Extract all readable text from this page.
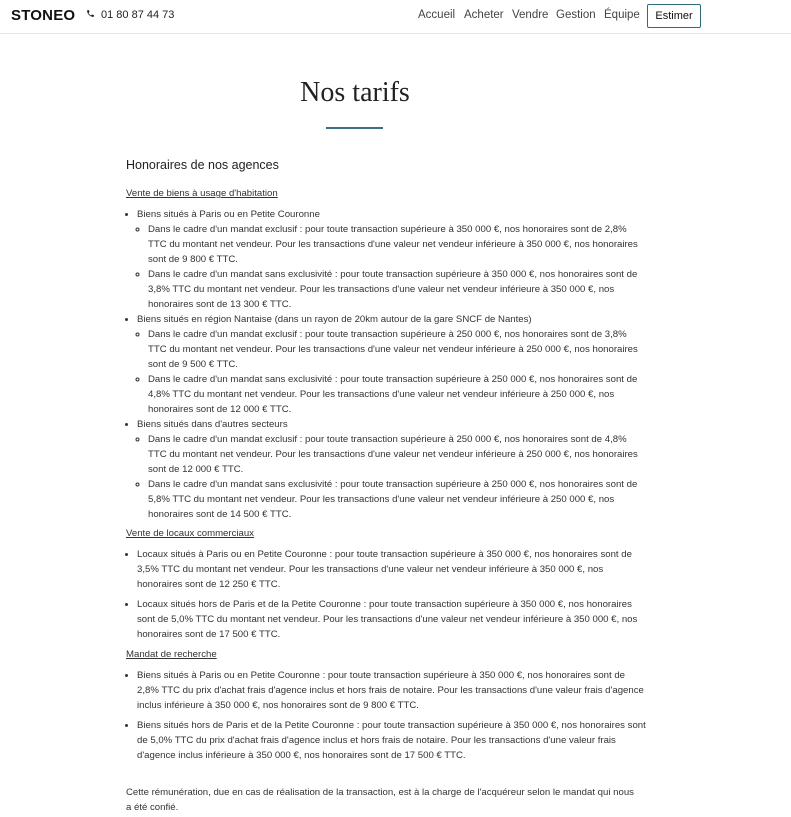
STONEO 01 80 87 44 73	Accueil Acheter Vendre Gestion Équipe	Estimer
Nos tarifs
Honoraires de nos agences
Vente de biens à usage d'habitation
• Biens situés à Paris ou en Petite Couronne
◦ Dans le cadre d'un mandat exclusif : pour toute transaction supérieure à 350 000 €, nos honoraires sont de 2,8% TTC du montant net vendeur. Pour les transactions d'une valeur net vendeur inférieure à 350 000 €, nos honoraires sont de 9 800 € TTC.
◦ Dans le cadre d'un mandat sans exclusivité : pour toute transaction supérieure à 350 000 €, nos honoraires sont de 3,8% TTC du montant net vendeur. Pour les transactions d'une valeur net vendeur inférieure à 350 000 €, nos honoraires sont de 13 300 € TTC.
• Biens situés en région Nantaise (dans un rayon de 20km autour de la gare SNCF de Nantes)
◦ Dans le cadre d'un mandat exclusif : pour toute transaction supérieure à 250 000 €, nos honoraires sont de 3,8% TTC du montant net vendeur. Pour les transactions d'une valeur net vendeur inférieure à 250 000 €, nos honoraires sont de 9 500 € TTC.
◦ Dans le cadre d'un mandat sans exclusivité : pour toute transaction supérieure à 250 000 €, nos honoraires sont de 4,8% TTC du montant net vendeur. Pour les transactions d'une valeur net vendeur inférieure à 250 000 €, nos honoraires sont de 12 000 € TTC.
• Biens situés dans d'autres secteurs
◦ Dans le cadre d'un mandat exclusif : pour toute transaction supérieure à 250 000 €, nos honoraires sont de 4,8% TTC du montant net vendeur. Pour les transactions d'une valeur net vendeur inférieure à 250 000 €, nos honoraires sont de 12 000 € TTC.
◦ Dans le cadre d'un mandat sans exclusivité : pour toute transaction supérieure à 250 000 €, nos honoraires sont de 5,8% TTC du montant net vendeur. Pour les transactions d'une valeur net vendeur inférieure à 250 000 €, nos honoraires sont de 14 500 € TTC.
Vente de locaux commerciaux
• Locaux situés à Paris ou en Petite Couronne : pour toute transaction supérieure à 350 000 €, nos honoraires sont de 3,5% TTC du montant net vendeur. Pour les transactions d'une valeur net vendeur inférieure à 350 000 €, nos honoraires sont de 12 250 € TTC.
• Locaux situés hors de Paris et de la Petite Couronne : pour toute transaction supérieure à 350 000 €, nos honoraires sont de 5,0% TTC du montant net vendeur. Pour les transactions d'une valeur net vendeur inférieure à 350 000 €, nos honoraires sont de 17 500 € TTC.
Mandat de recherche
• Biens situés à Paris ou en Petite Couronne : pour toute transaction supérieure à 350 000 €, nos honoraires sont de 2,8% TTC du prix d'achat frais d'agence inclus et hors frais de notaire. Pour les transactions d'une valeur frais d'agence inclus inférieure à 350 000 €, nos honoraires sont de 9 800 € TTC.
• Biens situés hors de Paris et de la Petite Couronne : pour toute transaction supérieure à 350 000 €, nos honoraires sont de 5,0% TTC du prix d'achat frais d'agence inclus et hors frais de notaire. Pour les transactions d'une valeur frais d'agence inclus inférieure à 350 000 €, nos honoraires sont de 17 500 € TTC.

Cette rémunération, due en cas de réalisation de la transaction, est à la charge de l'acquéreur selon le mandat qui nous a été confié.
